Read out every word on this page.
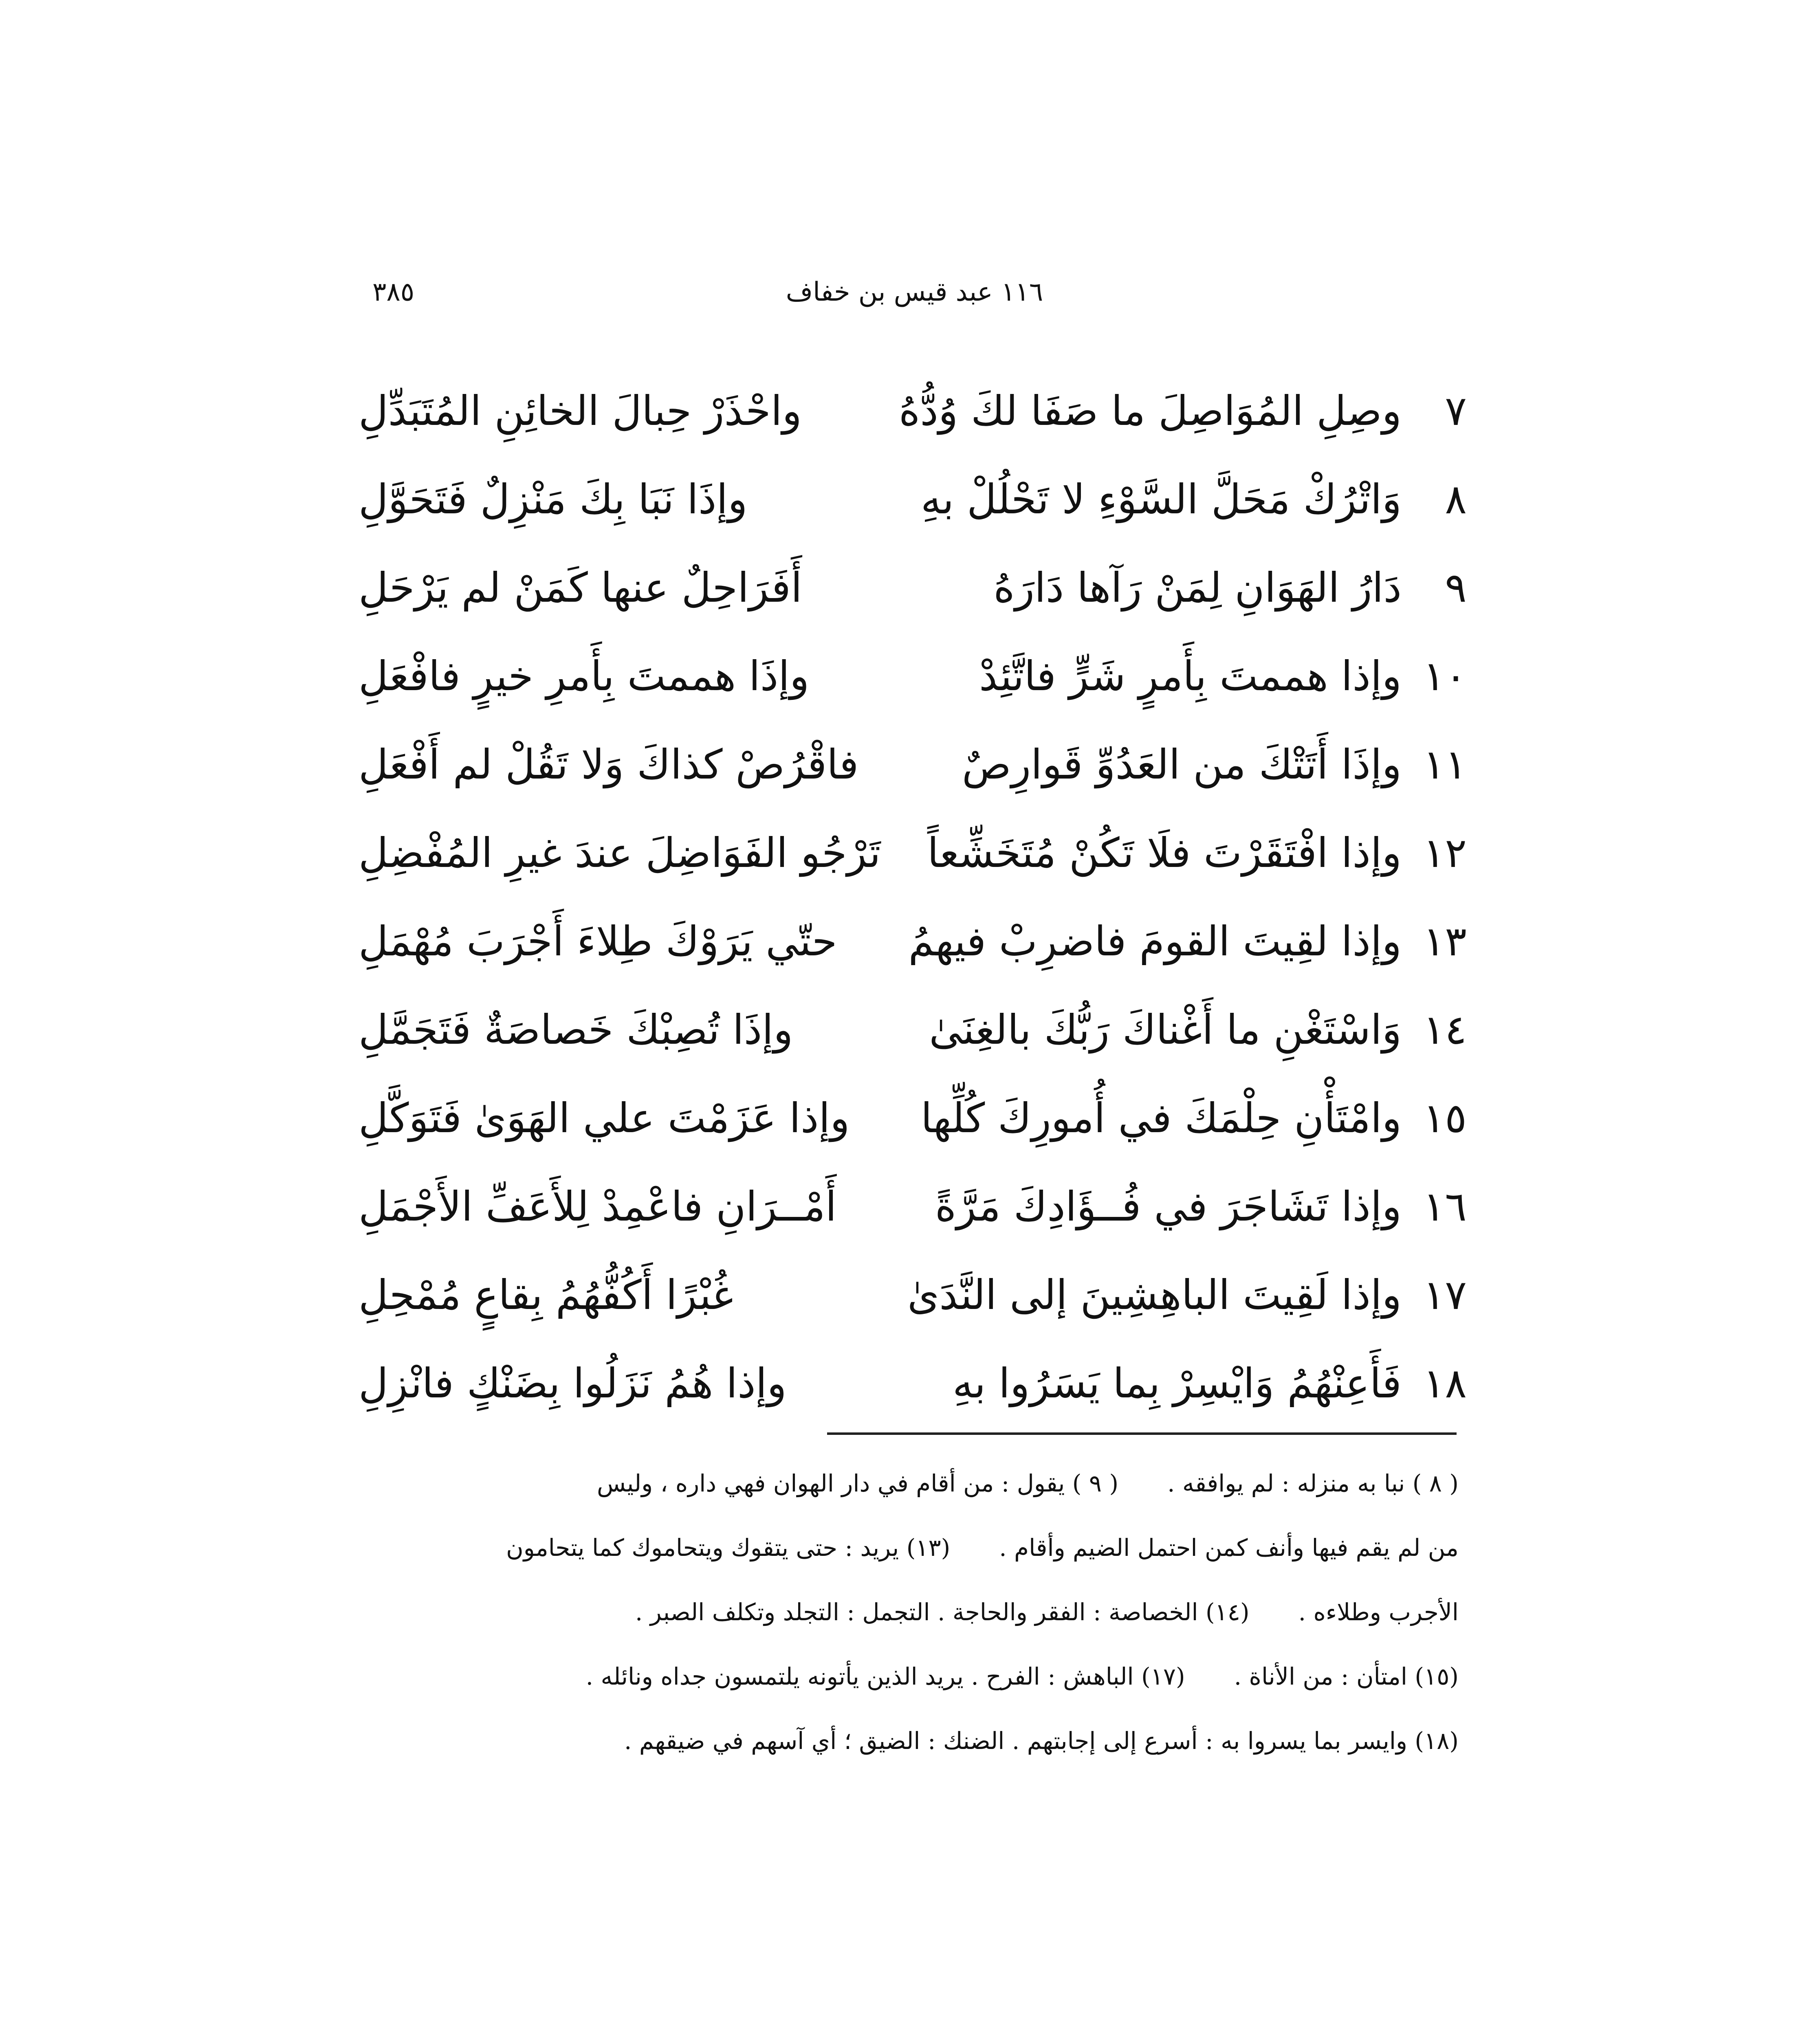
١١٦ عبد قيس بن خفاف
٣٨٥
٧
وصِلِ المُوَاصِلَ ما صَفَا لكَ وُدُّهُ
واحْذَرْ حِبالَ الخائِنِ المُتَبَدِّلِ
٨
وَاتْرُكْ مَحَلَّ السَّوْءِ لا تَحْلُلْ بهِ
وإذَا نَبَا بِكَ مَنْزِلٌ فَتَحَوَّلِ
٩
دَارُ الهَوَانِ لِمَنْ رَآها دَارَهُ
أَفَرَاحِلٌ عنها كَمَنْ لم يَرْحَلِ
١٠
وإذا هممتَ بِأَمرٍ شَرٍّ فاتَّئِدْ
وإذَا هممتَ بِأَمرِ خيرٍ فافْعَلِ
١١
وإذَا أَتَتْكَ من العَدُوِّ قَوارِصٌ
فاقْرُصْ كذاكَ وَلا تَقُلْ لم أَفْعَلِ
١٢
وإذا افْتَقَرْتَ فلَا تَكُنْ مُتَخَشِّعاً
تَرْجُو الفَوَاضِلَ عندَ غيرِ المُفْضِلِ
١٣
وإذا لقِيتَ القومَ فاضرِبْ فيهمُ
حتّي يَرَوْكَ طِلاءَ أَجْرَبَ مُهْمَلِ
١٤
وَاسْتَغْنِ ما أَغْناكَ رَبُّكَ بالغِنَىٰ
وإذَا تُصِبْكَ خَصاصَةٌ فَتَجَمَّلِ
١٥
وامْتَأْنِ حِلْمَكَ في أُمورِكَ كُلِّها
وإذا عَزَمْتَ علي الهَوَىٰ فَتَوَكَّلِ
١٦
وإذا تَشَاجَرَ في فُــؤَادِكَ مَرَّةً
أَمْــرَانِ فاعْمِدْ لِلأَعَفِّ الأَجْمَلِ
١٧
وإذا لَقِيتَ الباهِشِينَ إلى النَّدَىٰ
غُبْرًا أَكُفُّهُمُ بِقاعٍ مُمْحِلِ
١٨
فَأَعِنْهُمُ وَايْسِرْ بِما يَسَرُوا بهِ
وإذا هُمُ نَزَلُوا بِضَنْكٍ فانْزِلِ

( ٨ ) نبا به منزله : لم يوافقه .( ٩ ) يقول : من أقام في دار الهوان فهي داره ، وليس

من لم يقم فيها وأنف كمن احتمل الضيم وأقام .(١٣) يريد : حتى يتقوك ويتحاموك كما يتحامون

الأجرب وطلاءه .(١٤) الخصاصة : الفقر والحاجة . التجمل : التجلد وتكلف الصبر .

(١٥) امتأن : من الأناة .(١٧) الباهش : الفرح . يريد الذين يأتونه يلتمسون جداه ونائله .

(١٨) وايسر بما يسروا به : أسرع إلى إجابتهم . الضنك : الضيق ؛ أي آسهم في ضيقهم .
